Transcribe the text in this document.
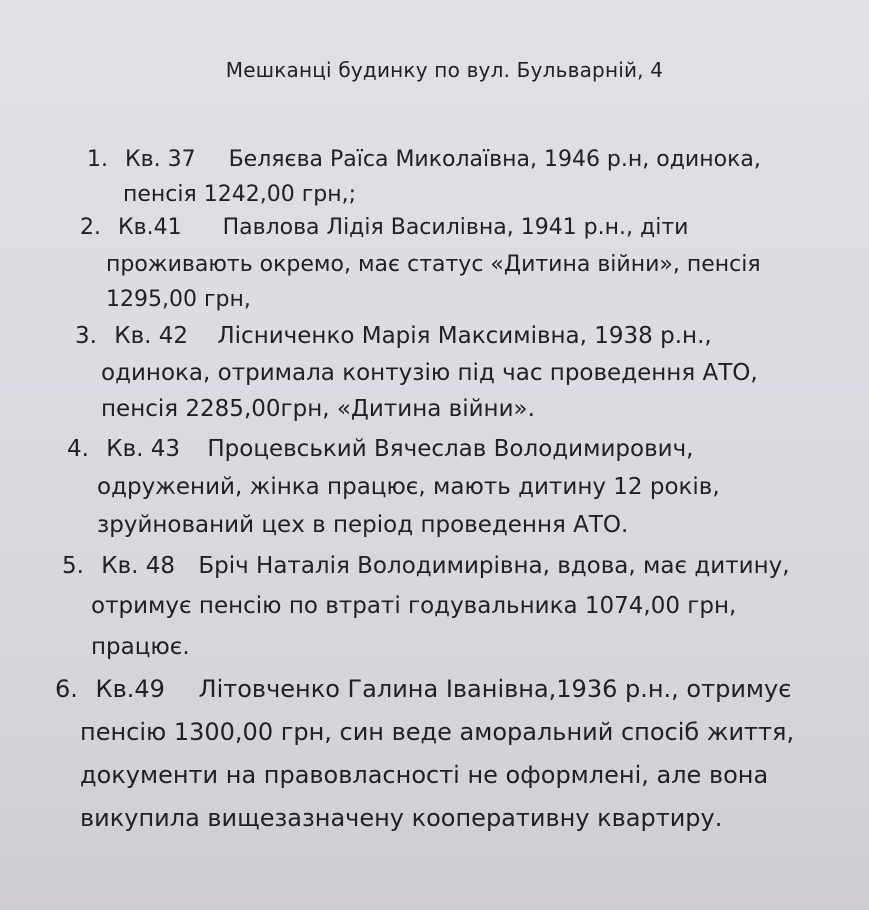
Мешканці будинку по вул. Бульварній, 4
1. Кв. 37 Беляєва Раїса Миколаївна, 1946 р.н, одинока,
пенсія 1242,00 грн,;
2. Кв.41 Павлова Лідія Василівна, 1941 р.н., діти
проживають окремо, має статус «Дитина війни», пенсія
1295,00 грн,
3. Кв. 42 Лісниченко Марія Максимівна, 1938 р.н.,
одинока, отримала контузію під час проведення АТО,
пенсія 2285,00грн, «Дитина війни».
4. Кв. 43 Процевський Вячеслав Володимирович,
одружений, жінка працює, мають дитину 12 років,
зруйнований цех в період проведення АТО.
5. Кв. 48 Бріч Наталія Володимирівна, вдова, має дитину,
отримує пенсію по втраті годувальника 1074,00 грн,
працює.
6. Кв.49 Літовченко Галина Іванівна,1936 р.н., отримує
пенсію 1300,00 грн, син веде аморальний спосіб життя,
документи на правовласності не оформлені, але вона
викупила вищезазначену кооперативну квартиру.
